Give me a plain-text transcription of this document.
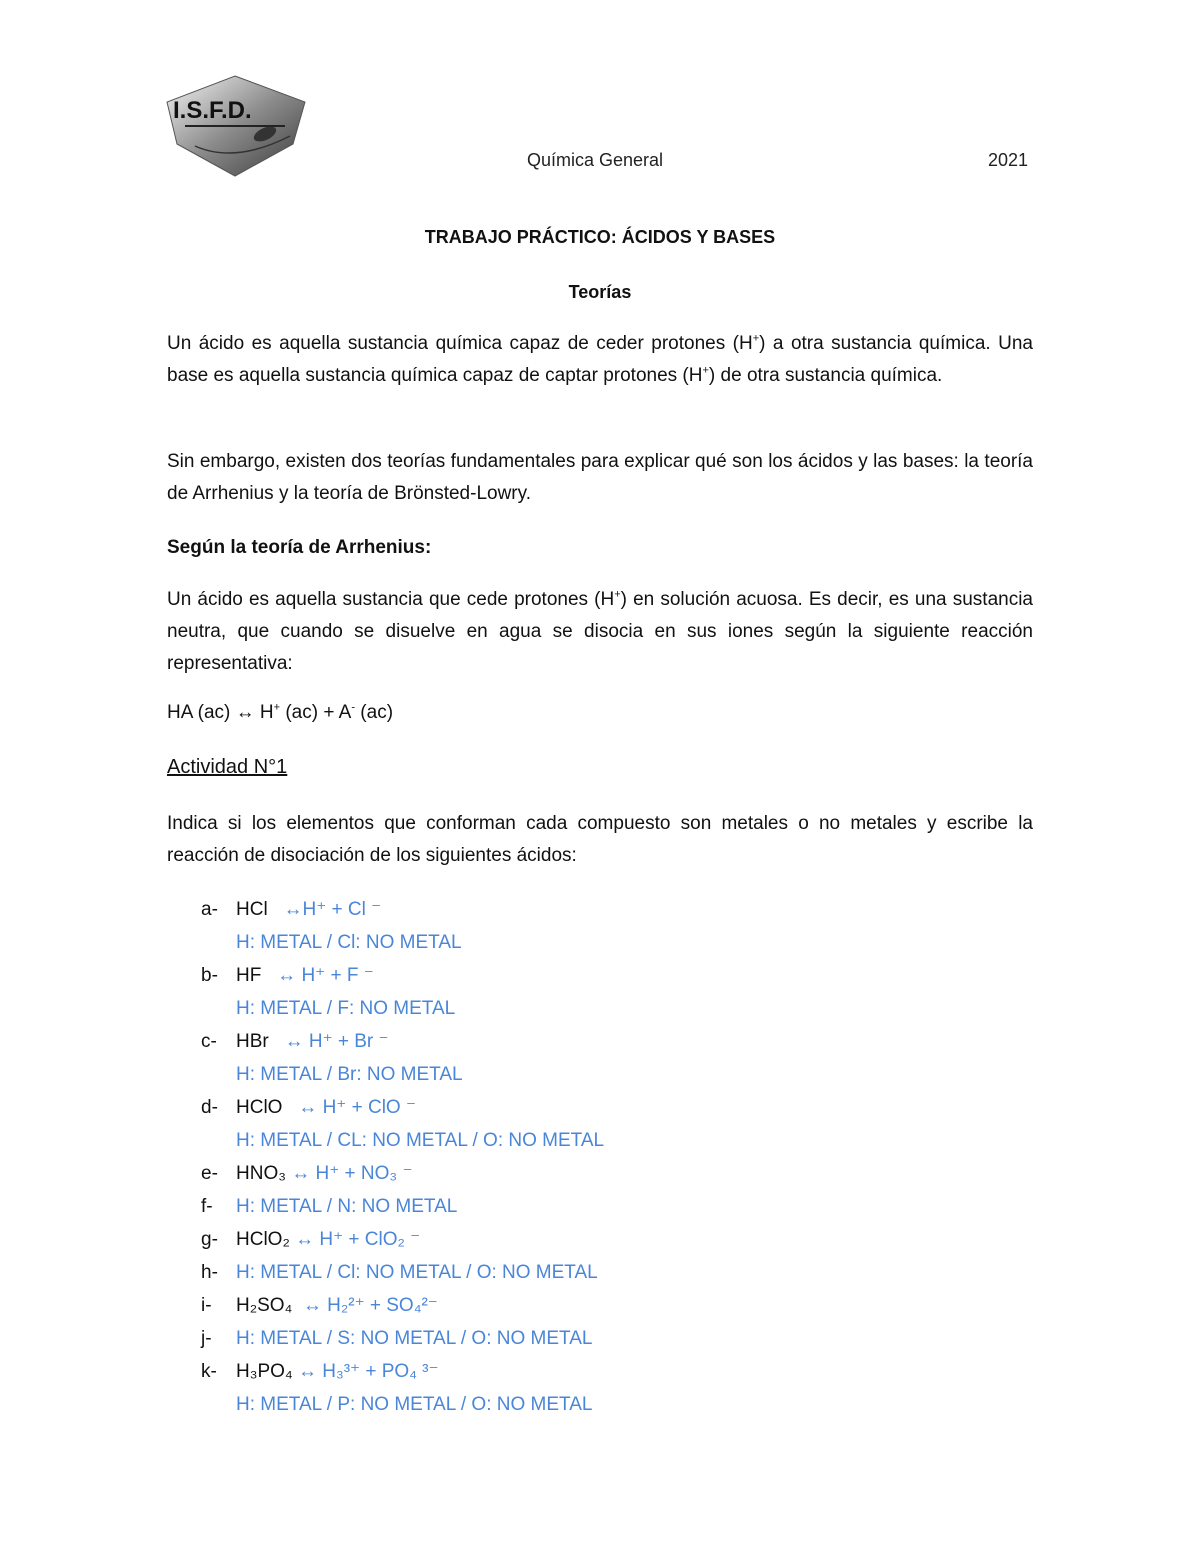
I.S.F.D.
Química General	2021
TRABAJO PRÁCTICO: ÁCIDOS Y BASES
Teorías
Un ácido es aquella sustancia química capaz de ceder protones (H+) a otra sustancia química. Una base es aquella sustancia química capaz de captar protones (H+) de otra sustancia química.
Sin embargo, existen dos teorías fundamentales para explicar qué son los ácidos y las bases: la teoría de Arrhenius y la teoría de Brönsted-Lowry.
Según la teoría de Arrhenius:
Un ácido es aquella sustancia que cede protones (H+) en solución acuosa. Es decir, es una sustancia neutra, que cuando se disuelve en agua se disocia en sus iones según la siguiente reacción representativa:
HA (ac) ↔ H+ (ac) + A- (ac)
Actividad N°1
Indica si los elementos que conforman cada compuesto son metales o no metales y escribe la reacción de disociación de los siguientes ácidos:
a- HCl ↔H⁺ + Cl ⁻
H: METAL / Cl: NO METAL
b- HF ↔ H⁺ + F ⁻
H: METAL / F: NO METAL
c-	HBr ↔ H⁺ + Br ⁻
H: METAL / Br: NO METAL
d- HClO ↔ H⁺ + ClO ⁻
H: METAL / CL: NO METAL / O: NO METAL
e- HNO₃ ↔ H⁺ + NO₃ ⁻
f-	H: METAL / N: NO METAL
g- HClO₂ ↔ H⁺ + ClO₂ ⁻
h- H: METAL / Cl: NO METAL / O: NO METAL
i-	H₂SO₄ ↔ H₂²⁺ + SO₄²⁻
j-	H: METAL / S: NO METAL / O: NO METAL
k-	H₃PO₄ ↔ H₃³⁺ + PO₄ ³⁻
H: METAL / P: NO METAL / O: NO METAL
